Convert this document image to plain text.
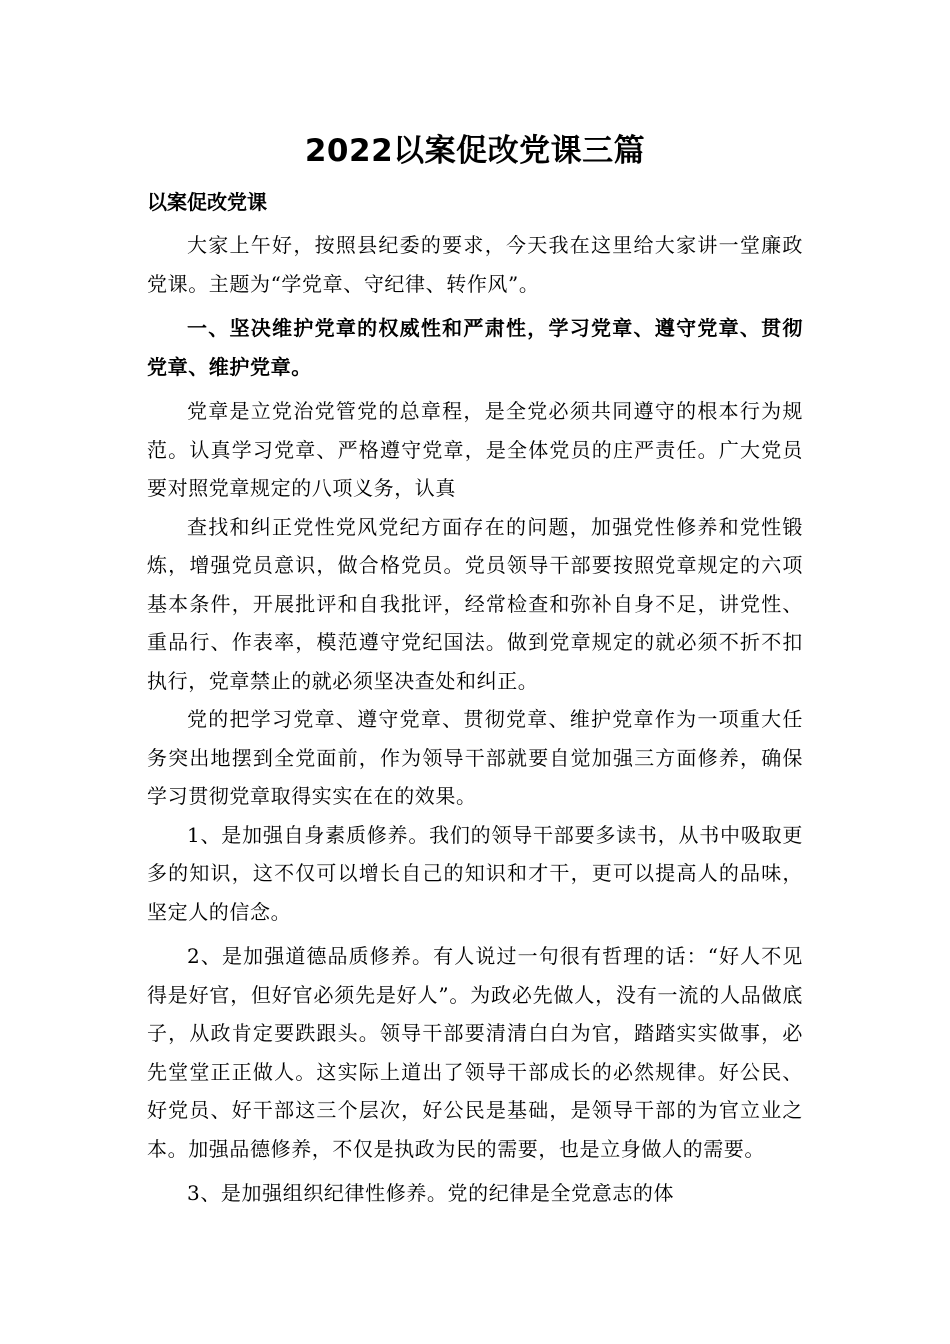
2022以案促改党课三篇
以案促改党课

大家上午好，按照县纪委的要求，今天我在这里给大家讲一堂廉政党课。主题为“学党章、守纪律、转作风”。

一、坚决维护党章的权威性和严肃性，学习党章、遵守党章、贯彻党章、维护党章。

党章是立党治党管党的总章程，是全党必须共同遵守的根本行为规范。认真学习党章、严格遵守党章，是全体党员的庄严责任。广大党员要对照党章规定的八项义务，认真

查找和纠正党性党风党纪方面存在的问题，加强党性修养和党性锻炼，增强党员意识，做合格党员。党员领导干部要按照党章规定的六项基本条件，开展批评和自我批评，经常检查和弥补自身不足，讲党性、重品行、作表率，模范遵守党纪国法。做到党章规定的就必须不折不扣执行，党章禁止的就必须坚决查处和纠正。

党的把学习党章、遵守党章、贯彻党章、维护党章作为一项重大任务突出地摆到全党面前，作为领导干部就要自觉加强三方面修养，确保学习贯彻党章取得实实在在的效果。

1、是加强自身素质修养。我们的领导干部要多读书，从书中吸取更多的知识，这不仅可以增长自己的知识和才干，更可以提高人的品味，坚定人的信念。

2、是加强道德品质修养。有人说过一句很有哲理的话：“好人不见得是好官，但好官必须先是好人”。为政必先做人，没有一流的人品做底子，从政肯定要跌跟头。领导干部要清清白白为官，踏踏实实做事，必先堂堂正正做人。这实际上道出了领导干部成长的必然规律。好公民、好党员、好干部这三个层次，好公民是基础，是领导干部的为官立业之本。加强品德修养，不仅是执政为民的需要，也是立身做人的需要。

3、是加强组织纪律性修养。党的纪律是全党意志的体
